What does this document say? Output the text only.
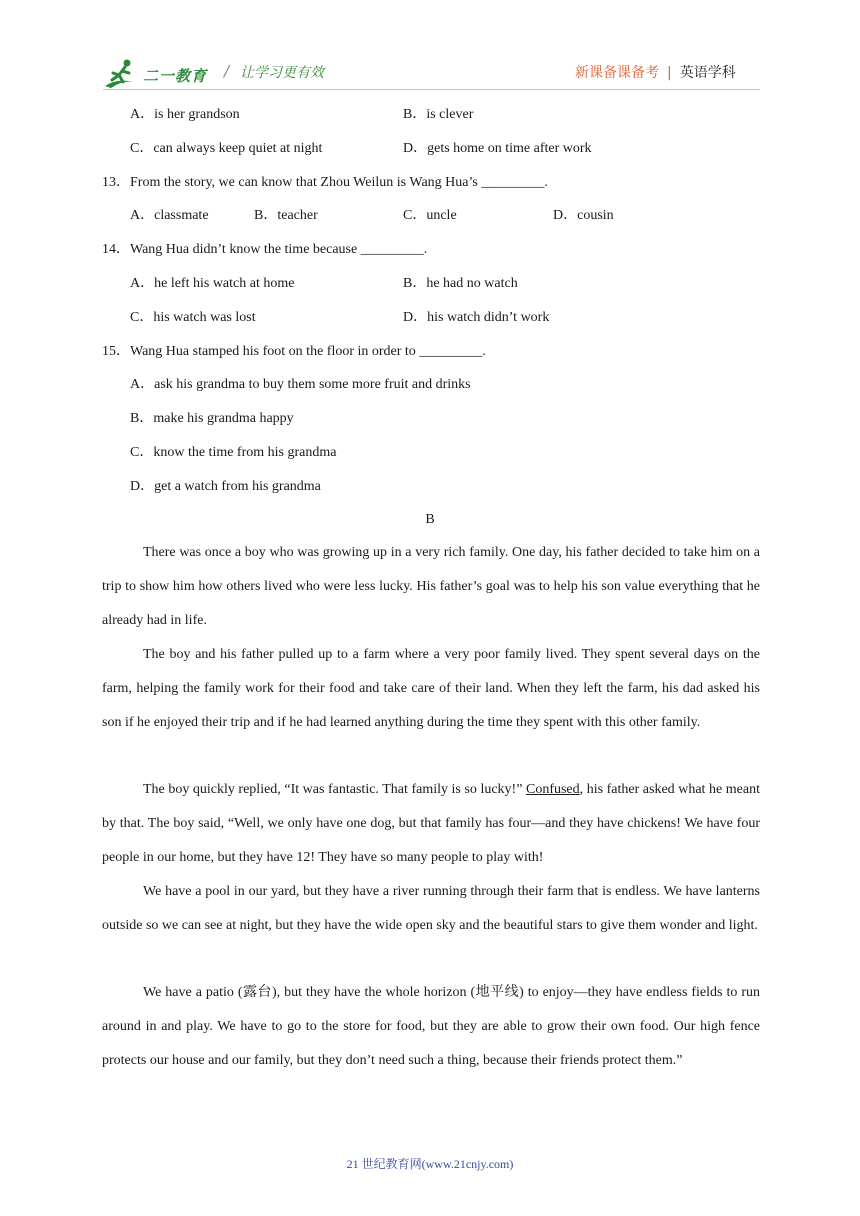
二一教育 / 让学习更有效	新课备课备考 | 英语学科
A．is her grandson	B．is clever
C．can always keep quiet at night	D．gets home on time after work
13．From the story, we can know that Zhou Weilun is Wang Hua’s _________.
A．classmate	B．teacher	C．uncle	D．cousin
14．Wang Hua didn’t know the time because _________.
A．he left his watch at home	B．he had no watch
C．his watch was lost	D．his watch didn’t work
15．Wang Hua stamped his foot on the floor in order to _________.
A．ask his grandma to buy them some more fruit and drinks
B．make his grandma happy
C．know the time from his grandma
D．get a watch from his grandma
B

There was once a boy who was growing up in a very rich family. One day, his father decided to take him on a trip to show him how others lived who were less lucky. His father’s goal was to help his son value everything that he already had in life.

The boy and his father pulled up to a farm where a very poor family lived. They spent several days on the farm, helping the family work for their food and take care of their land. When they left the farm, his dad asked his son if he enjoyed their trip and if he had learned anything during the time they spent with this other family.

The boy quickly replied, “It was fantastic. That family is so lucky!” Confused, his father asked what he meant by that. The boy said, “Well, we only have one dog, but that family has four—and they have chickens! We have four people in our home, but they have 12! They have so many people to play with!

We have a pool in our yard, but they have a river running through their farm that is endless. We have lanterns outside so we can see at night, but they have the wide open sky and the beautiful stars to give them wonder and light.

We have a patio (露台), but they have the whole horizon (地平线) to enjoy—they have endless fields to run around in and play. We have to go to the store for food, but they are able to grow their own food. Our high fence protects our house and our family, but they don’t need such a thing, because their friends protect them.”

21 世纪教育网(www.21cnjy.com)
